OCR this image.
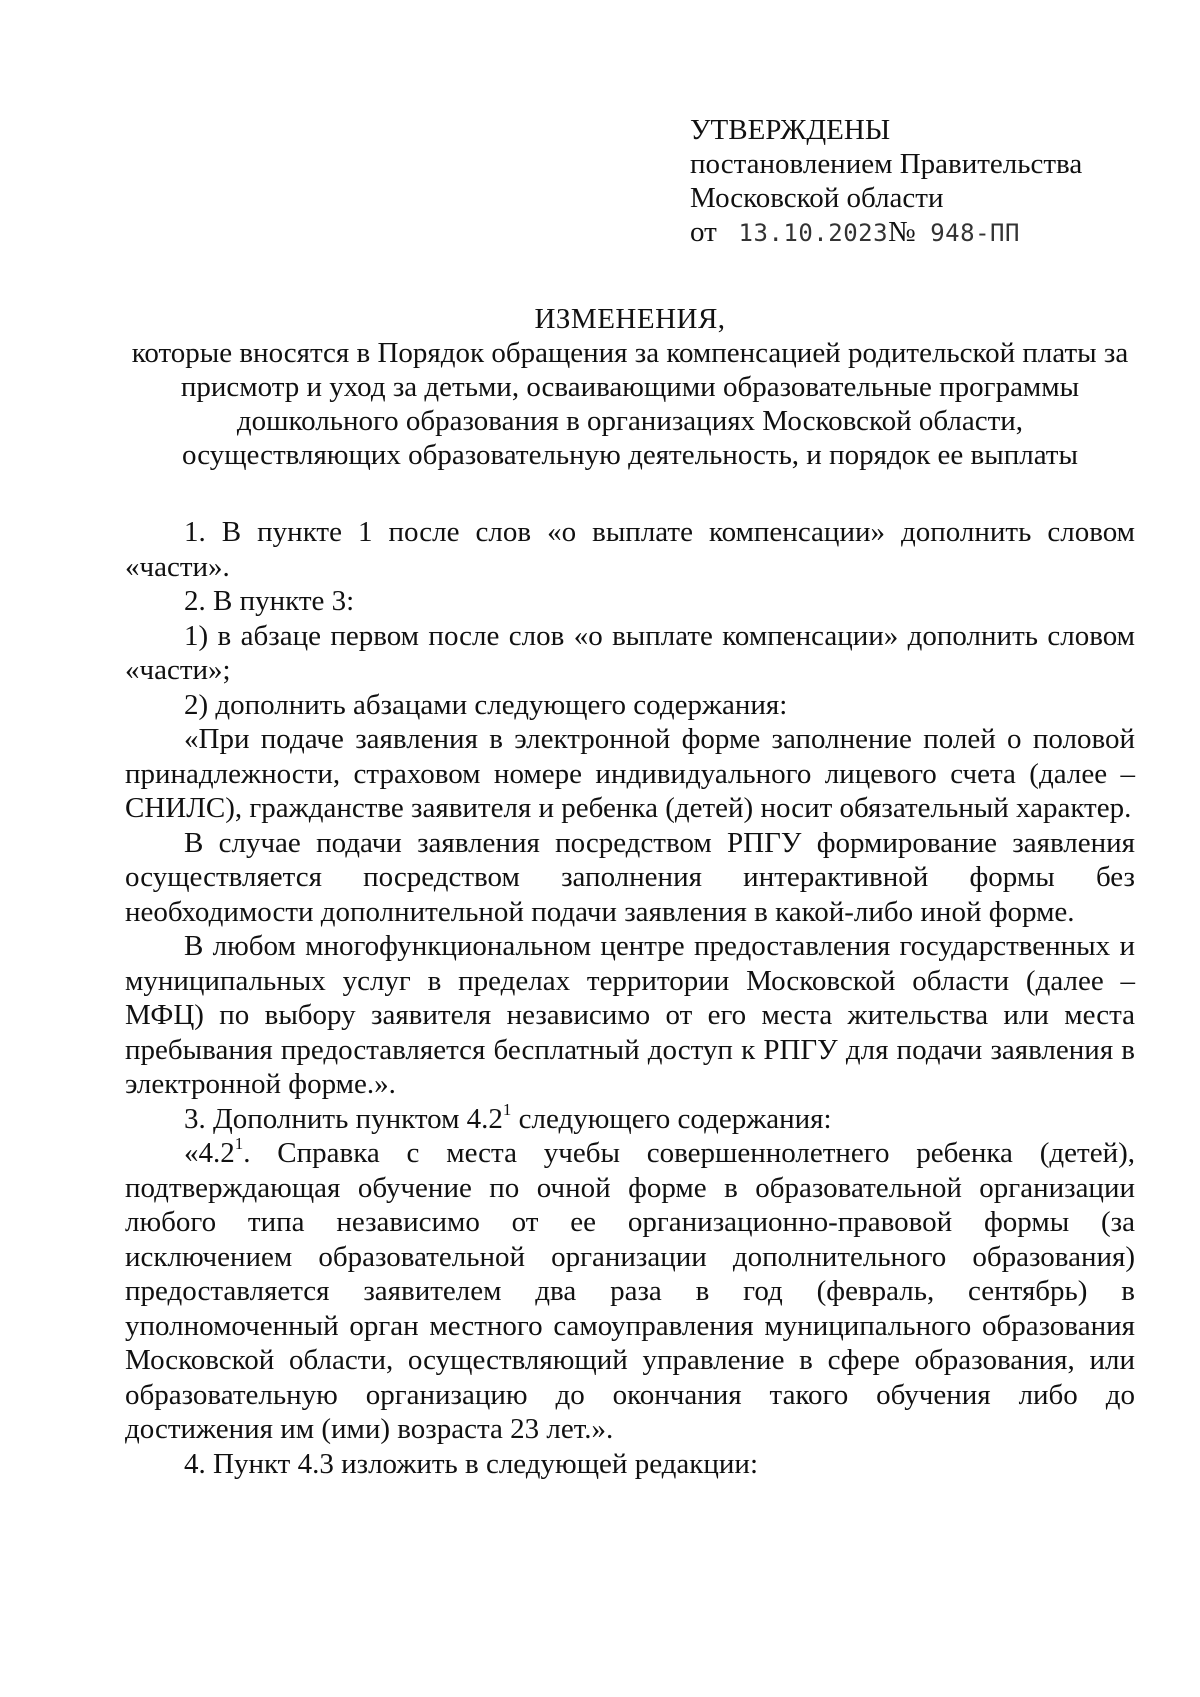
УТВЕРЖДЕНЫ
постановлением Правительства
Московской области
от 13.10.2023№ 948-ПП
ИЗМЕНЕНИЯ,
которые вносятся в Порядок обращения за компенсацией родительской платы за присмотр и уход за детьми, осваивающими образовательные программы дошкольного образования в организациях Московской области, осуществляющих образовательную деятельность, и порядок ее выплаты

1. В пункте 1 после слов «о выплате компенсации» дополнить словом «части».

2. В пункте 3:

1) в абзаце первом после слов «о выплате компенсации» дополнить словом «части»;

2) дополнить абзацами следующего содержания:

«При подаче заявления в электронной форме заполнение полей о половой принадлежности, страховом номере индивидуального лицевого счета (далее – СНИЛС), гражданстве заявителя и ребенка (детей) носит обязательный характер.

В случае подачи заявления посредством РПГУ формирование заявления осуществляется посредством заполнения интерактивной формы без необходимости дополнительной подачи заявления в какой-либо иной форме.

В любом многофункциональном центре предоставления государственных и муниципальных услуг в пределах территории Московской области (далее – МФЦ) по выбору заявителя независимо от его места жительства или места пребывания предоставляется бесплатный доступ к РПГУ для подачи заявления в электронной форме.».

3. Дополнить пунктом $4.2^1$ следующего содержания:

«$4.2^1$. Справка с места учебы совершеннолетнего ребенка (детей), подтверждающая обучение по очной форме в образовательной организации любого типа независимо от ее организационно-правовой формы (за исключением образовательной организации дополнительного образования) предоставляется заявителем два раза в год (февраль, сентябрь) в уполномоченный орган местного самоуправления муниципального образования Московской области, осуществляющий управление в сфере образования, или образовательную организацию до окончания такого обучения либо до достижения им (ими) возраста 23 лет.».

4. Пункт 4.3 изложить в следующей редакции:
